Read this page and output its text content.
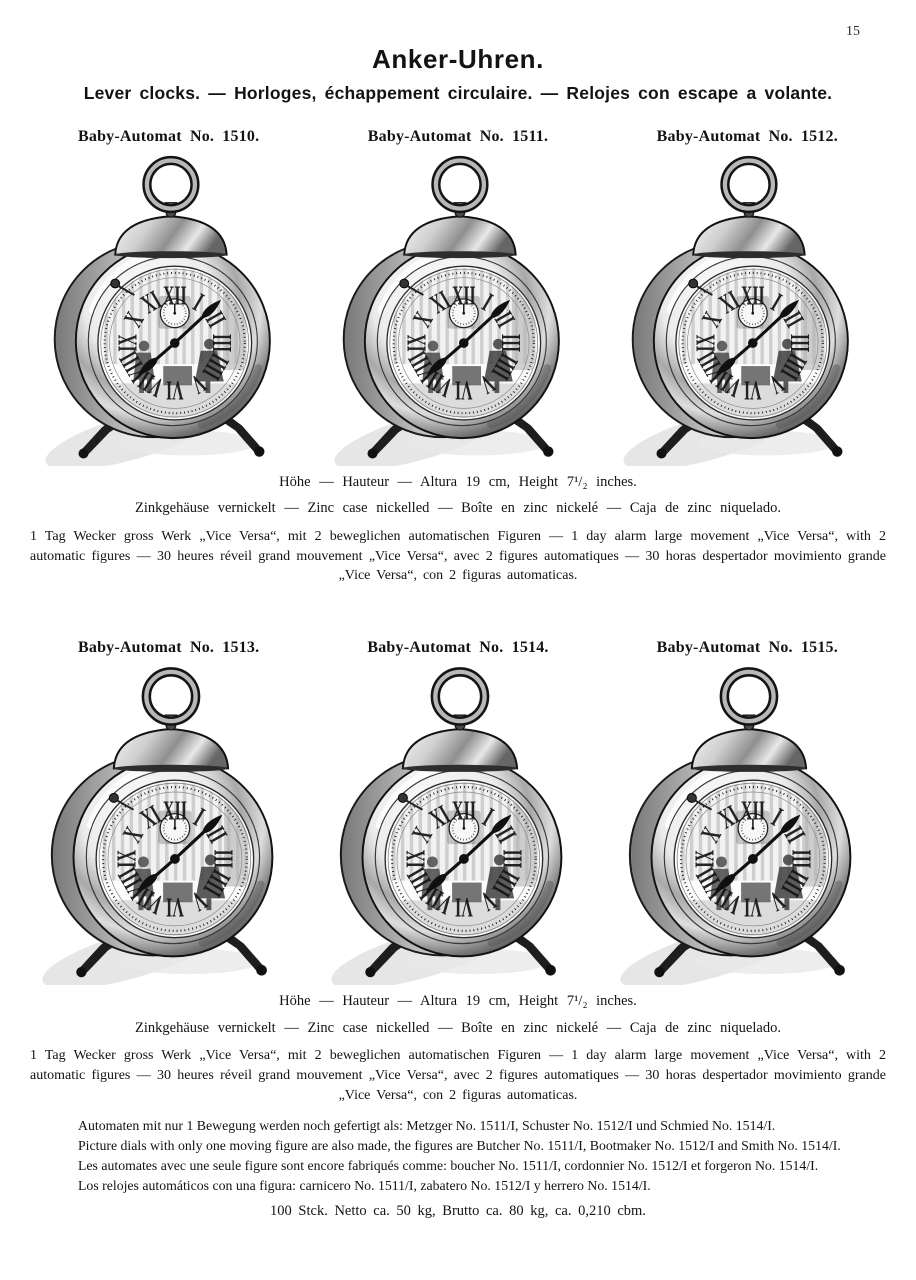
15
Anker-Uhren.
Lever clocks. — Horloges, échappement circulaire. — Relojes con escape a volante.
Baby-Automat No. 1510.	Baby-Automat No. 1511.	Baby-Automat No. 1512.
Höhe — Hauteur — Altura 19 cm, Height 7¹/₂ inches.
Zinkgehäuse vernickelt — Zinc case nickelled — Boîte en zinc nickelé — Caja de zinc niquelado.
1 Tag Wecker gross Werk „Vice Versa“, mit 2 beweglichen automatischen Figuren — 1 day alarm large movement „Vice Versa“, with 2 automatic figures — 30 heures réveil grand mouvement „Vice Versa“, avec 2 figures automatiques — 30 horas despertador movimiento grande „Vice Versa“, con 2 figuras automaticas.
Baby-Automat No. 1513.	Baby-Automat No. 1514.	Baby-Automat No. 1515.
Höhe — Hauteur — Altura 19 cm, Height 7¹/₂ inches.
Zinkgehäuse vernickelt — Zinc case nickelled — Boîte en zinc nickelé — Caja de zinc niquelado.
1 Tag Wecker gross Werk „Vice Versa“, mit 2 beweglichen automatischen Figuren — 1 day alarm large movement „Vice Versa“, with 2 automatic figures — 30 heures réveil grand mouvement „Vice Versa“, avec 2 figures automatiques — 30 horas despertador movimiento grande „Vice Versa“, con 2 figuras automaticas.
Automaten mit nur 1 Bewegung werden noch gefertigt als: Metzger No. 1511/I, Schuster No. 1512/I und Schmied No. 1514/I.
Picture dials with only one moving figure are also made, the figures are Butcher No. 1511/I, Bootmaker No. 1512/I and Smith No. 1514/I.
Les automates avec une seule figure sont encore fabriqués comme: boucher No. 1511/I, cordonnier No. 1512/I et forgeron No. 1514/I.
Los relojes automáticos con una figura: carnicero No. 1511/I, zabatero No. 1512/I y herrero No. 1514/I.
100 Stck. Netto ca. 50 kg, Brutto ca. 80 kg, ca. 0,210 cbm.
